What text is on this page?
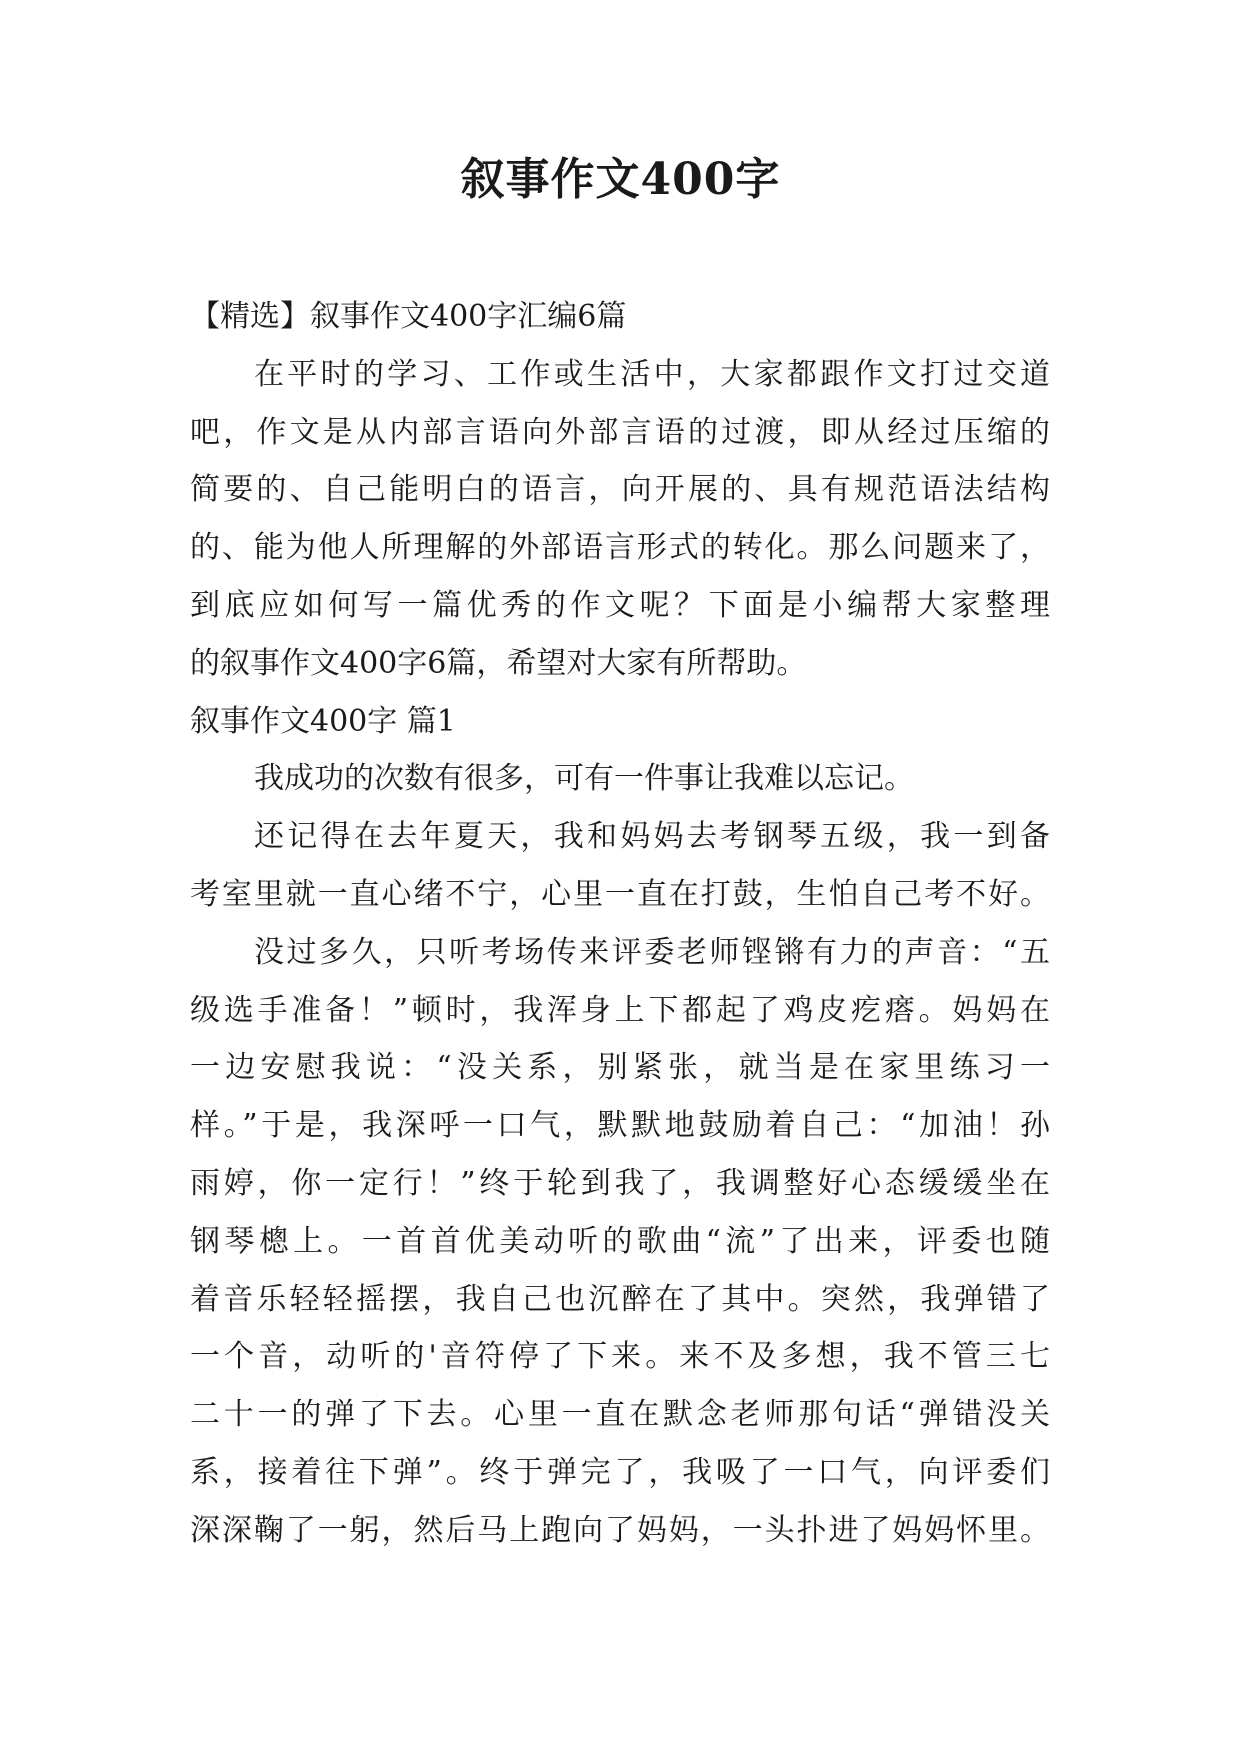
叙事作文400字

【精选】叙事作文400字汇编6篇

在平时的学习、工作或生活中，大家都跟作文打过交道

吧，作文是从内部言语向外部言语的过渡，即从经过压缩的

简要的、自己能明白的语言，向开展的、具有规范语法结构

的、能为他人所理解的外部语言形式的转化。那么问题来了，

到底应如何写一篇优秀的作文呢？下面是小编帮大家整理

的叙事作文400字6篇，希望对大家有所帮助。

叙事作文400字 篇1

我成功的次数有很多，可有一件事让我难以忘记。

还记得在去年夏天，我和妈妈去考钢琴五级，我一到备

考室里就一直心绪不宁，心里一直在打鼓，生怕自己考不好。

没过多久，只听考场传来评委老师铿锵有力的声音：“五

级选手准备！”顿时，我浑身上下都起了鸡皮疙瘩。妈妈在

一边安慰我说：“没关系，别紧张，就当是在家里练习一

样。”于是，我深呼一口气，默默地鼓励着自己：“加油！孙

雨婷，你一定行！”终于轮到我了，我调整好心态缓缓坐在

钢琴樬上。一首首优美动听的歌曲“流”了出来，评委也随

着音乐轻轻摇摆，我自己也沉醉在了其中。突然，我弹错了

一个音，动听的'音符停了下来。来不及多想，我不管三七

二十一的弹了下去。心里一直在默念老师那句话“弹错没关

系，接着往下弹”。终于弹完了，我吸了一口气，向评委们

深深鞠了一躬，然后马上跑向了妈妈，一头扑进了妈妈怀里。
